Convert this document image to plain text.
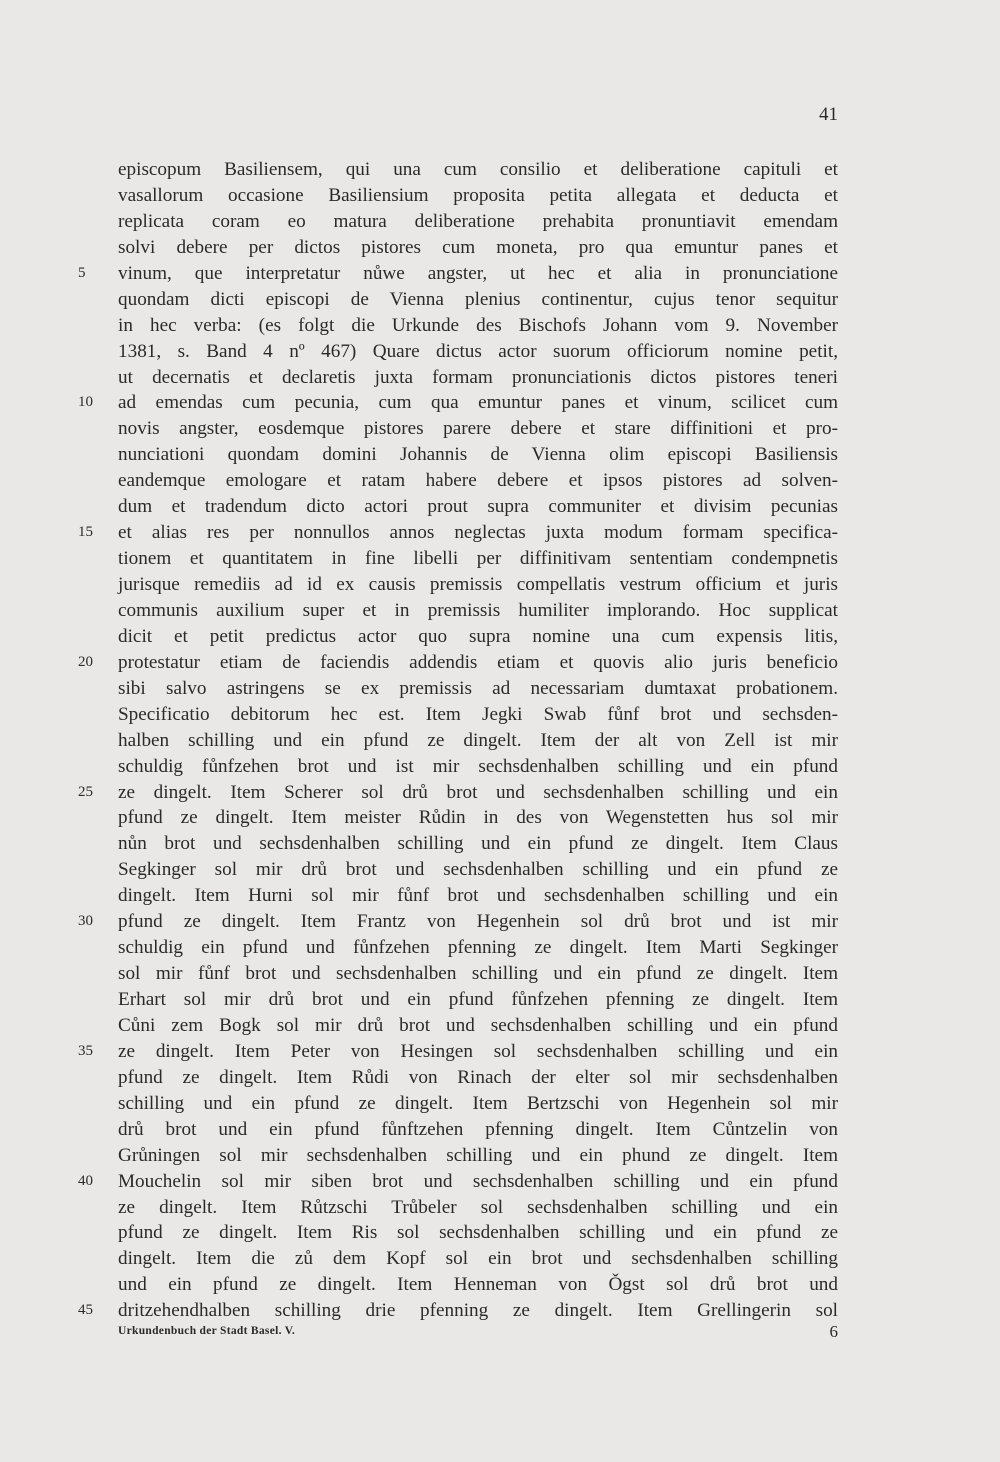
41
episcopum Basiliensem, qui una cum consilio et deliberatione capituli et
vasallorum occasione Basiliensium proposita petita allegata et deducta et
replicata coram eo matura deliberatione prehabita pronuntiavit emendam
solvi debere per dictos pistores cum moneta, pro qua emuntur panes et
5	vinum, que interpretatur nůwe angster, ut hec et alia in pronunciatione
quondam dicti episcopi de Vienna plenius continentur, cujus tenor sequitur
in hec verba: (es folgt die Urkunde des Bischofs Johann vom 9. November
1381, s. Band 4 nº 467) Quare dictus actor suorum officiorum nomine petit,
ut decernatis et declaretis juxta formam pronunciationis dictos pistores teneri
10	ad emendas cum pecunia, cum qua emuntur panes et vinum, scilicet cum
novis angster, eosdemque pistores parere debere et stare diffinitioni et pro-
nunciationi quondam domini Johannis de Vienna olim episcopi Basiliensis
eandemque emologare et ratam habere debere et ipsos pistores ad solven-
dum et tradendum dicto actori prout supra communiter et divisim pecunias
15	et alias res per nonnullos annos neglectas juxta modum formam specifica-
tionem et quantitatem in fine libelli per diffinitivam sententiam condempnetis
jurisque remediis ad id ex causis premissis compellatis vestrum officium et juris
communis auxilium super et in premissis humiliter implorando. Hoc supplicat
dicit et petit predictus actor quo supra nomine una cum expensis litis,
20	protestatur etiam de faciendis addendis etiam et quovis alio juris beneficio
sibi salvo astringens se ex premissis ad necessariam dumtaxat probationem.
Specificatio debitorum hec est. Item Jegki Swab fůnf brot und sechsden-
halben schilling und ein pfund ze dingelt. Item der alt von Zell ist mir
schuldig fůnfzehen brot und ist mir sechsdenhalben schilling und ein pfund
25	ze dingelt. Item Scherer sol drů brot und sechsdenhalben schilling und ein
pfund ze dingelt. Item meister Růdin in des von Wegenstetten hus sol mir
nůn brot und sechsdenhalben schilling und ein pfund ze dingelt. Item Claus
Segkinger sol mir drů brot und sechsdenhalben schilling und ein pfund ze
dingelt. Item Hurni sol mir fůnf brot und sechsdenhalben schilling und ein
30	pfund ze dingelt. Item Frantz von Hegenhein sol drů brot und ist mir
schuldig ein pfund und fůnfzehen pfenning ze dingelt. Item Marti Segkinger
sol mir fůnf brot und sechsdenhalben schilling und ein pfund ze dingelt. Item
Erhart sol mir drů brot und ein pfund fůnfzehen pfenning ze dingelt. Item
Cůni zem Bogk sol mir drů brot und sechsdenhalben schilling und ein pfund
35	ze dingelt. Item Peter von Hesingen sol sechsdenhalben schilling und ein
pfund ze dingelt. Item Růdi von Rinach der elter sol mir sechsdenhalben
schilling und ein pfund ze dingelt. Item Bertzschi von Hegenhein sol mir
drů brot und ein pfund fůnftzehen pfenning dingelt. Item Cůntzelin von
Grůningen sol mir sechsdenhalben schilling und ein phund ze dingelt. Item
40	Mouchelin sol mir siben brot und sechsdenhalben schilling und ein pfund
ze dingelt. Item Růtzschi Trůbeler sol sechsdenhalben schilling und ein
pfund ze dingelt. Item Ris sol sechsdenhalben schilling und ein pfund ze
dingelt. Item die zů dem Kopf sol ein brot und sechsdenhalben schilling
und ein pfund ze dingelt. Item Henneman von Ǒgst sol drů brot und
45	dritzehendhalben schilling drie pfenning ze dingelt. Item Grellingerin sol
Urkundenbuch der Stadt Basel. V.	6
